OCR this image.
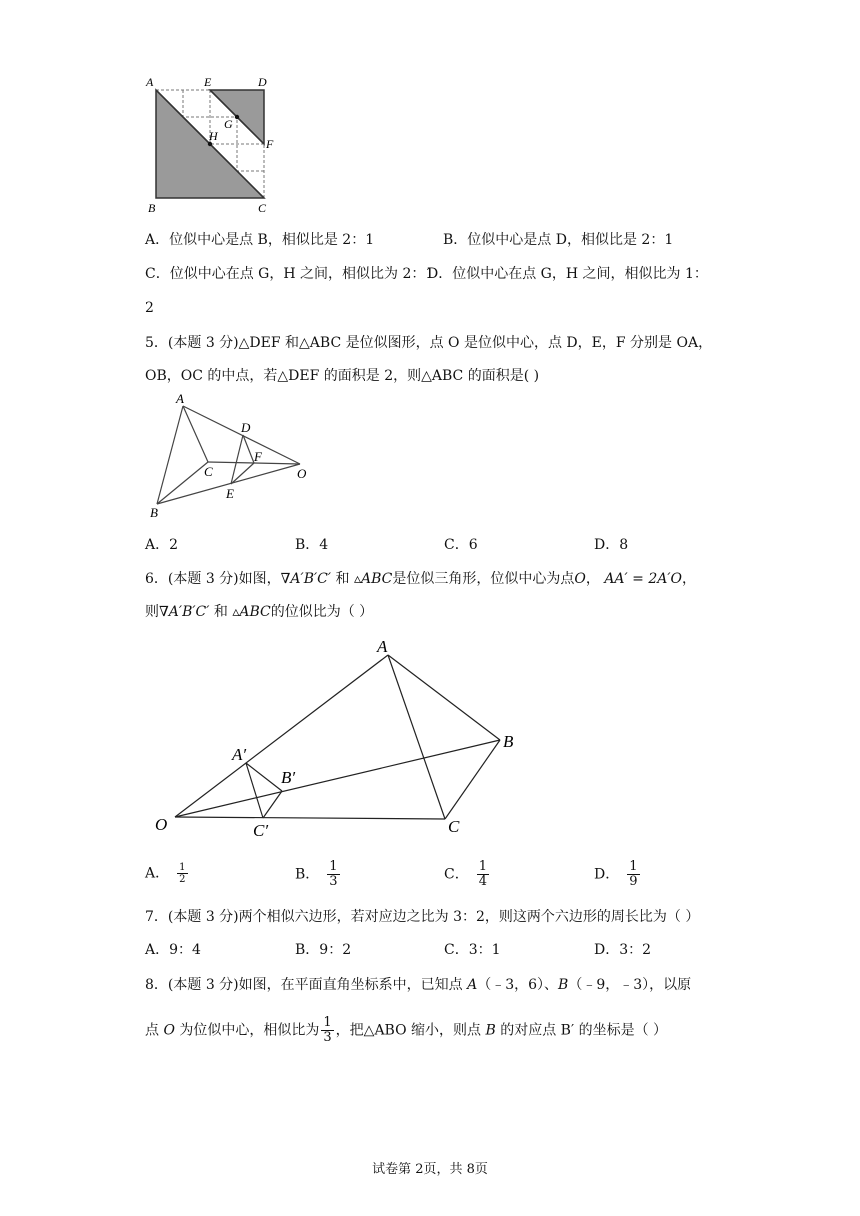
A	E	D
G
H
F
B	C
A．位似中心是点 B，相似比是 2：1	B．位似中心是点 D，相似比是 2：1
C．位似中心在点 G，H 之间，相似比为 2：1
D．位似中心在点 G，H 之间，相似比为 1：
2
5．(本题 3 分)△DEF 和△ABC 是位似图形，点 O 是位似中心，点 D，E，F 分别是 OA，
OB，OC 的中点，若△DEF 的面积是 2，则△ABC 的面积是( )
A
D
F
C	O
E
B
A．2	B．4	C．6	D．8
6．(本题 3 分)如图，∇A′B′C′ 和 ▵ABC是位似三角形，位似中心为点O， AA′ = 2A′O，
则∇A′B′C′ 和 ▵ABC的位似比为（ ）
A
B
C
A′
B′
C′
O
A． $\frac{1}{2}$	B． $\frac{1}{3}$	C． $\frac{1}{4}$	D． $\frac{1}{9}$
7．(本题 3 分)两个相似六边形，若对应边之比为 3：2，则这两个六边形的周长比为（ ）
A．9：4	B．9：2	C．3：1	D．3：2
8．(本题 3 分)如图，在平面直角坐标系中，已知点 A（﹣3，6）、B（﹣9，﹣3），以原
点 O 为位似中心，相似比为 $\frac{1}{3}$ ，把△ABO 缩小，则点 B 的对应点 B′ 的坐标是（ ）
试卷第 2页，共 8页
